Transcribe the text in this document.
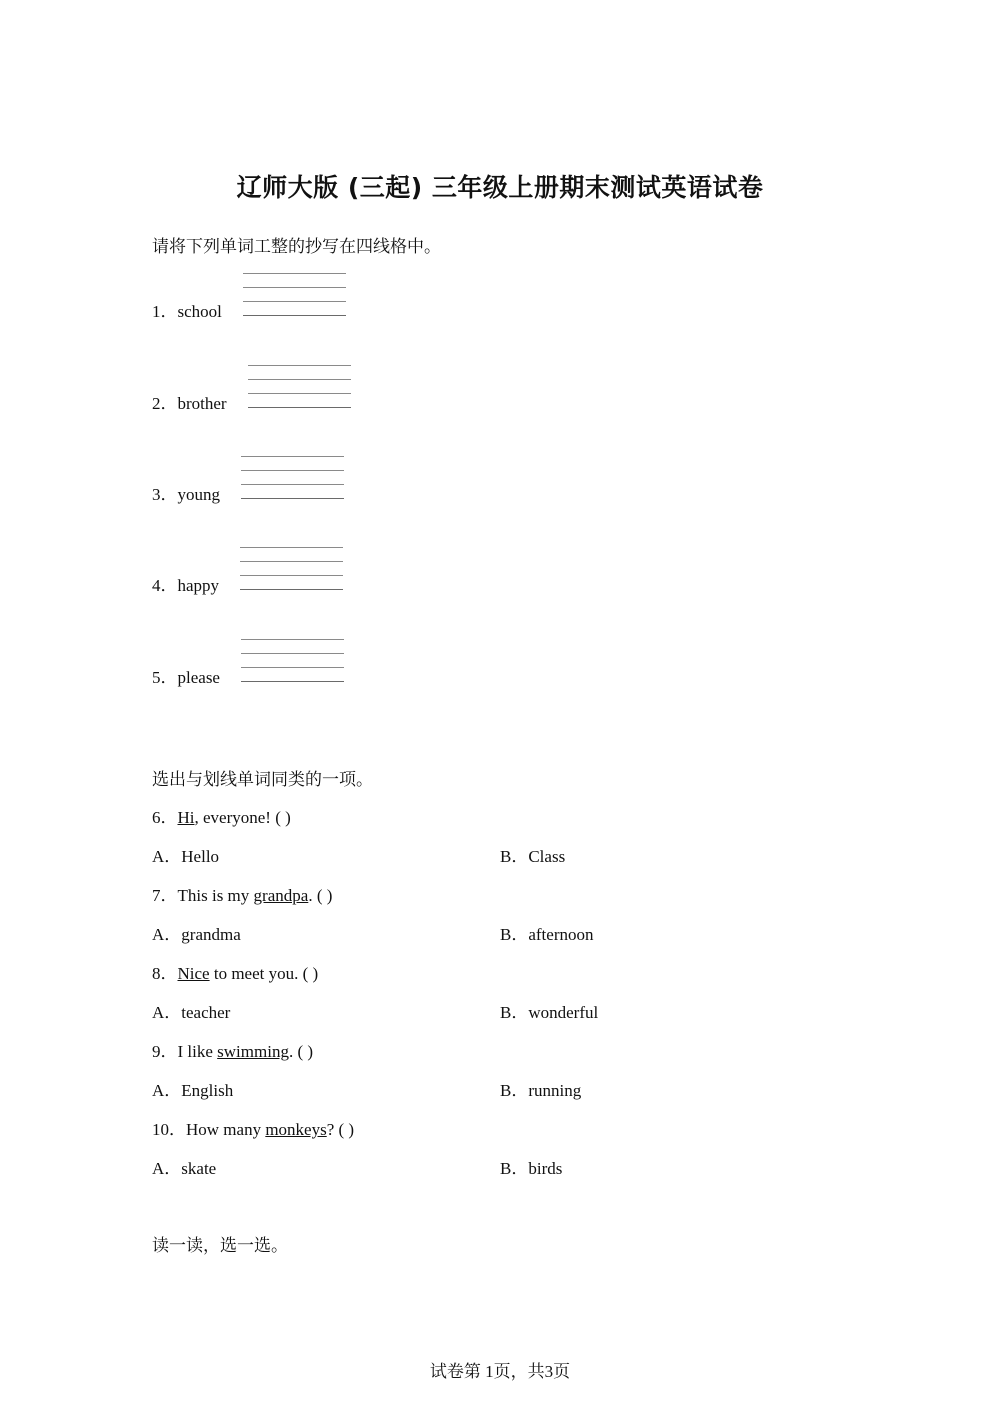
辽师大版 (三起) 三年级上册期末测试英语试卷
请将下列单词工整的抄写在四线格中。
1．school
2．brother
3．young
4．happy
5．please
选出与划线单词同类的一项。
6．Hi, everyone! ( )
A．Hello	B．Class
7．This is my grandpa. ( )
A．grandma	B．afternoon
8．Nice to meet you. ( )
A．teacher	B．wonderful
9．I like swimming. ( )
A．English	B．running
10．How many monkeys? ( )
A．skate	B．birds
读一读，选一选。
试卷第 1页，共3页
